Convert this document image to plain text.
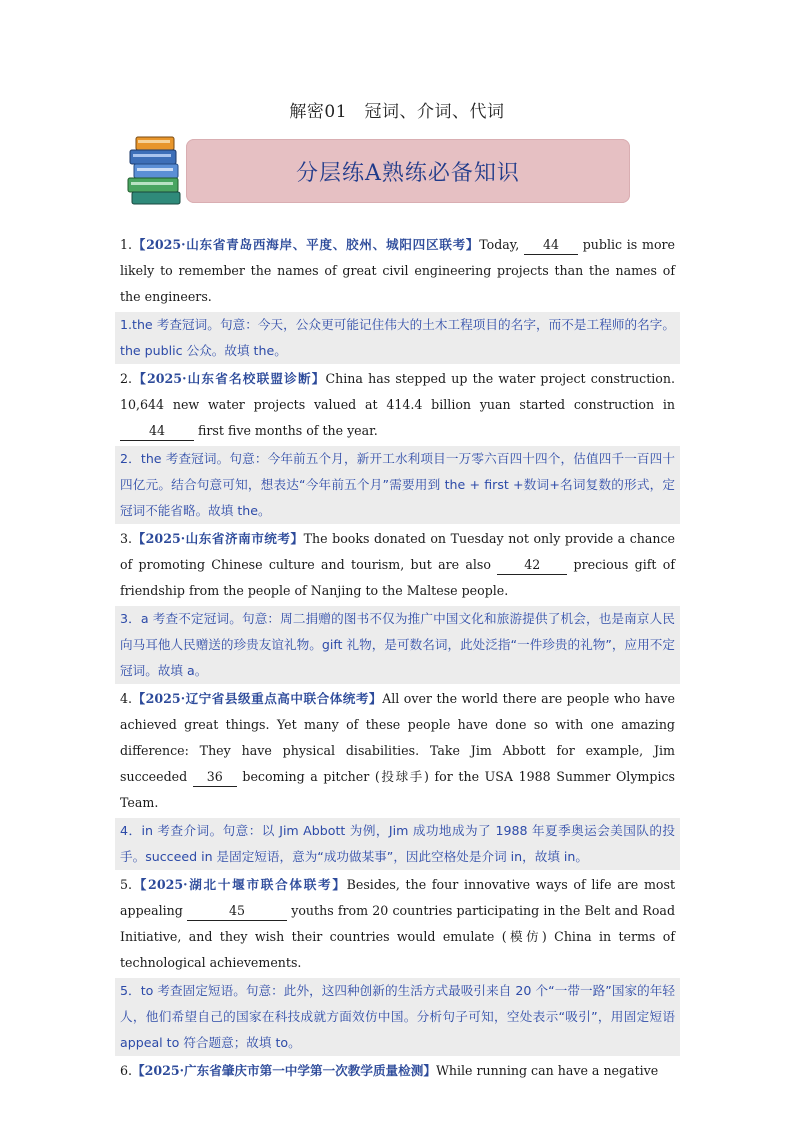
解密01　冠词、介词、代词
分层练A熟练必备知识
1.【2025·山东省青岛西海岸、平度、胶州、城阳四区联考】Today, 44 public is more likely to remember the names of great civil engineering projects than the names of the engineers.
1.the 考查冠词。句意：今天，公众更可能记住伟大的土木工程项目的名字，而不是工程师的名字。the public 公众。故填 the。
2.【2025·山东省名校联盟诊断】China has stepped up the water project construction. 10,644 new water projects valued at 414.4 billion yuan started construction in 44 first five months of the year.
2．the 考查冠词。句意：今年前五个月，新开工水利项目一万零六百四十四个，估值四千一百四十四亿元。结合句意可知，想表达“今年前五个月”需要用到 the + first +数词+名词复数的形式，定冠词不能省略。故填 the。
3.【2025·山东省济南市统考】The books donated on Tuesday not only provide a chance of promoting Chinese culture and tourism, but are also 42 precious gift of friendship from the people of Nanjing to the Maltese people.
3．a 考查不定冠词。句意：周二捐赠的图书不仅为推广中国文化和旅游提供了机会，也是南京人民向马耳他人民赠送的珍贵友谊礼物。gift 礼物，是可数名词，此处泛指“一件珍贵的礼物”，应用不定冠词。故填 a。
4.【2025·辽宁省县级重点高中联合体统考】All over the world there are people who have achieved great things. Yet many of these people have done so with one amazing difference: They have physical disabilities. Take Jim Abbott for example, Jim succeeded 36 becoming a pitcher (投球手) for the USA 1988 Summer Olympics Team.
4．in 考查介词。句意：以 Jim Abbott 为例，Jim 成功地成为了 1988 年夏季奥运会美国队的投手。succeed in 是固定短语，意为“成功做某事”，因此空格处是介词 in，故填 in。
5.【2025·湖北十堰市联合体联考】Besides, the four innovative ways of life are most appealing	45	youths from 20 countries participating in the Belt and Road Initiative, and they wish their countries would emulate (模仿) China in terms of technological achievements.
5．to 考查固定短语。句意：此外，这四种创新的生活方式最吸引来自 20 个“一带一路”国家的年轻人，他们希望自己的国家在科技成就方面效仿中国。分析句子可知，空处表示“吸引”，用固定短语 appeal to 符合题意；故填 to。
6.【2025·广东省肇庆市第一中学第一次教学质量检测】While running can have a negative
